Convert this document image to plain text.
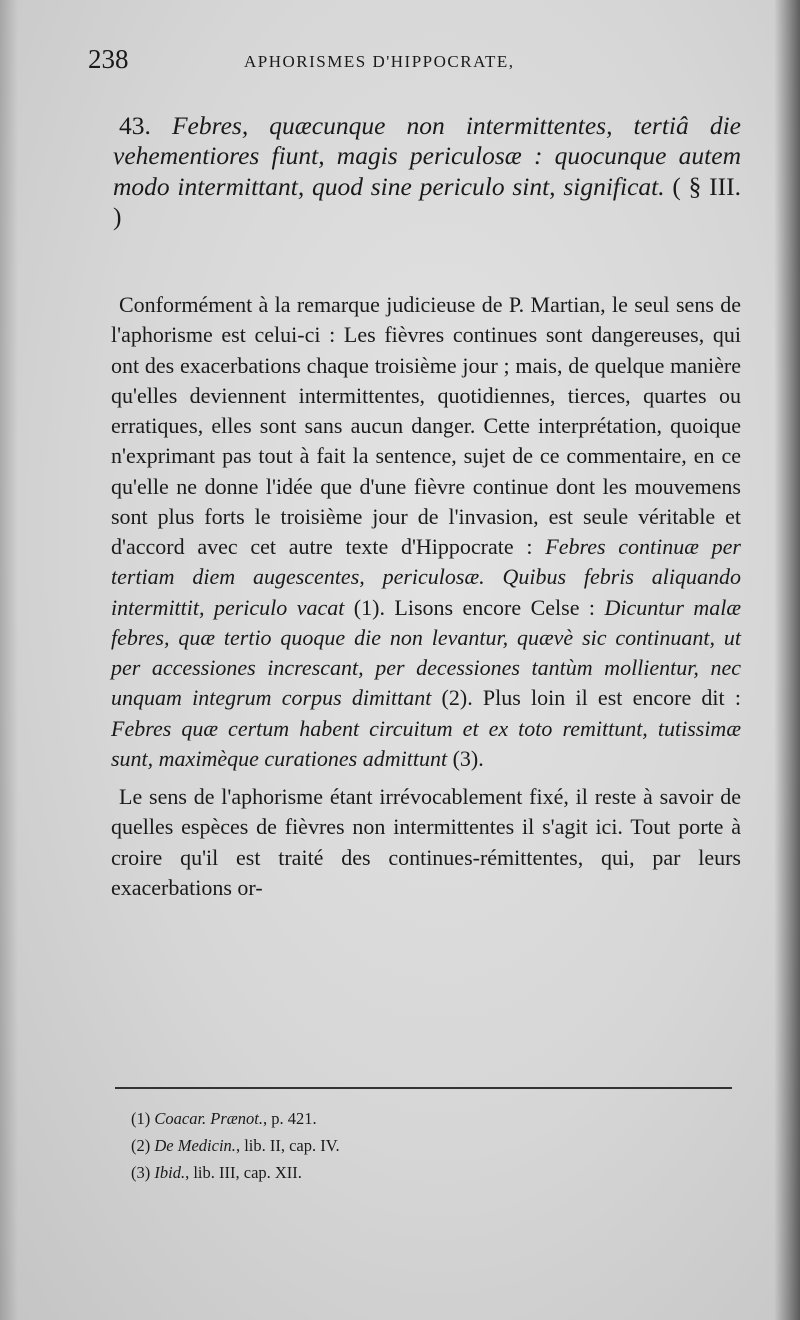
238	APHORISMES D'HIPPOCRATE,
43. Febres, quæcunque non intermittentes, tertiâ die vehementiores fiunt, magis periculosæ : quocunque autem modo intermittant, quod sine periculo sint, significat. ( § III. )

Conformément à la remarque judicieuse de P. Martian, le seul sens de l'aphorisme est celui-ci : Les fièvres continues sont dangereuses, qui ont des exacerbations chaque troisième jour ; mais, de quelque manière qu'elles deviennent intermittentes, quotidiennes, tierces, quartes ou erratiques, elles sont sans aucun danger. Cette interprétation, quoique n'exprimant pas tout à fait la sentence, sujet de ce commentaire, en ce qu'elle ne donne l'idée que d'une fièvre continue dont les mouvemens sont plus forts le troisième jour de l'invasion, est seule véritable et d'accord avec cet autre texte d'Hippocrate : Febres continuæ per tertiam diem augescentes, periculosæ. Quibus febris aliquando intermittit, periculo vacat (1). Lisons encore Celse : Dicuntur malæ febres, quæ tertio quoque die non levantur, quævè sic continuant, ut per accessiones increscant, per decessiones tantùm mollientur, nec unquam integrum corpus dimittant (2). Plus loin il est encore dit : Febres quæ certum habent circuitum et ex toto remittunt, tutissimæ sunt, maximèque curationes admittunt (3).

Le sens de l'aphorisme étant irrévocablement fixé, il reste à savoir de quelles espèces de fièvres non intermittentes il s'agit ici. Tout porte à croire qu'il est traité des continues-rémittentes, qui, par leurs exacerbations or-

(1) Coacar. Prænot., p. 421.
(2) De Medicin., lib. II, cap. IV.
(3) Ibid., lib. III, cap. XII.
